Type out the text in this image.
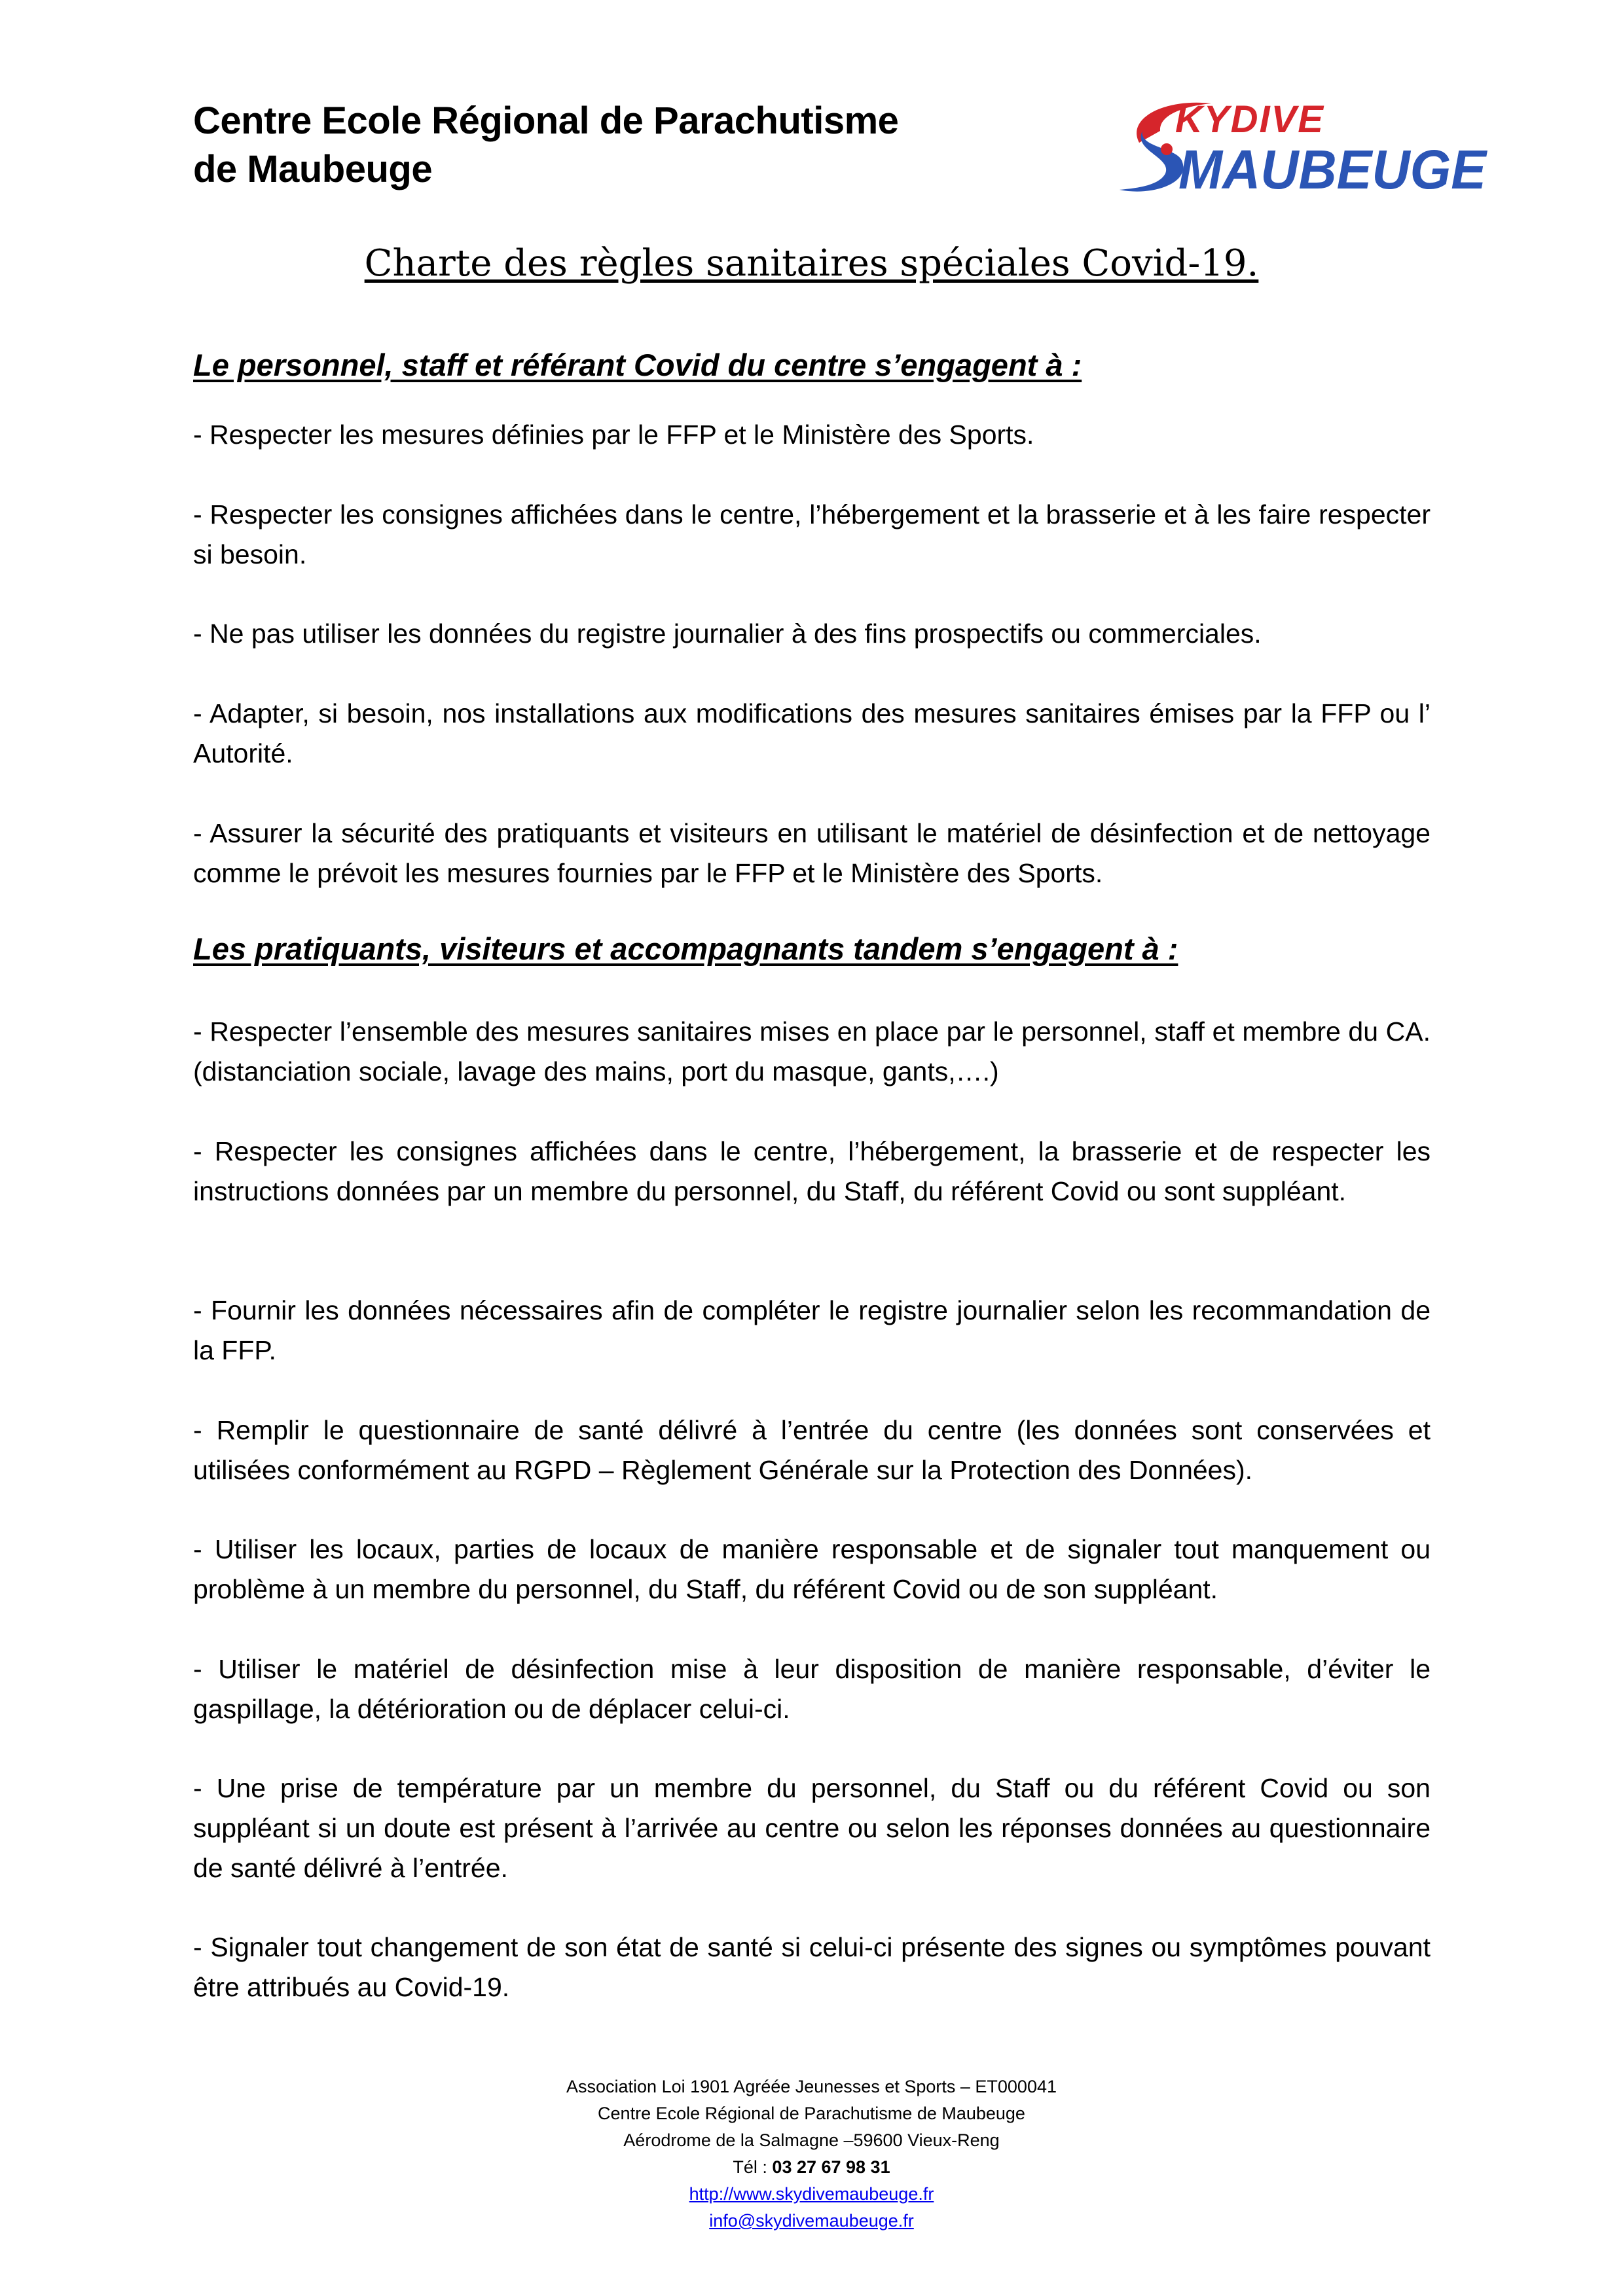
Centre Ecole Régional de Parachutisme
de Maubeuge
KYDIVE
MAUBEUGE
Charte des règles sanitaires spéciales Covid-19.
Le personnel, staff et référant Covid du centre s’engagent à :
- Respecter les mesures définies par le FFP et le Ministère des Sports.
- Respecter les consignes affichées dans le centre, l’hébergement et la brasserie et à les faire respecter si besoin.
- Ne pas utiliser les données du registre journalier à des fins prospectifs ou commerciales.
- Adapter, si besoin, nos installations aux modifications des mesures sanitaires émises par la FFP ou l’ Autorité.
- Assurer la sécurité des pratiquants et visiteurs en utilisant le matériel de désinfection et de nettoyage comme le prévoit les mesures fournies par le FFP et le Ministère des Sports.
Les pratiquants, visiteurs et accompagnants tandem s’engagent à :
- Respecter l’ensemble des mesures sanitaires mises en place par le personnel, staff et membre du CA. (distanciation sociale, lavage des mains, port du masque, gants,….)
- Respecter les consignes affichées dans le centre, l’hébergement, la brasserie et de respecter les instructions données par un membre du personnel, du Staff, du référent Covid ou sont suppléant.
- Fournir les données nécessaires afin de compléter le registre journalier selon les recommandation de la FFP.
- Remplir le questionnaire de santé délivré à l’entrée du centre (les données sont conservées et utilisées conformément au RGPD – Règlement Générale sur la Protection des Données).
- Utiliser les locaux, parties de locaux de manière responsable et de signaler tout manquement ou problème à un membre du personnel, du Staff, du référent Covid ou de son suppléant.
- Utiliser le matériel de désinfection mise à leur disposition de manière responsable, d’éviter le gaspillage, la détérioration ou de déplacer celui-ci.
- Une prise de température par un membre du personnel, du Staff ou du référent Covid ou son suppléant si un doute est présent à l’arrivée au centre ou selon les réponses données au questionnaire de santé délivré à l’entrée.
- Signaler tout changement de son état de santé si celui-ci présente des signes ou symptômes pouvant être attribués au Covid-19.
Association Loi 1901 Agréée Jeunesses et Sports – ET000041
Centre Ecole Régional de Parachutisme de Maubeuge
Aérodrome de la Salmagne –59600 Vieux-Reng
Tél : 03 27 67 98 31
http://www.skydivemaubeuge.fr
info@skydivemaubeuge.fr
